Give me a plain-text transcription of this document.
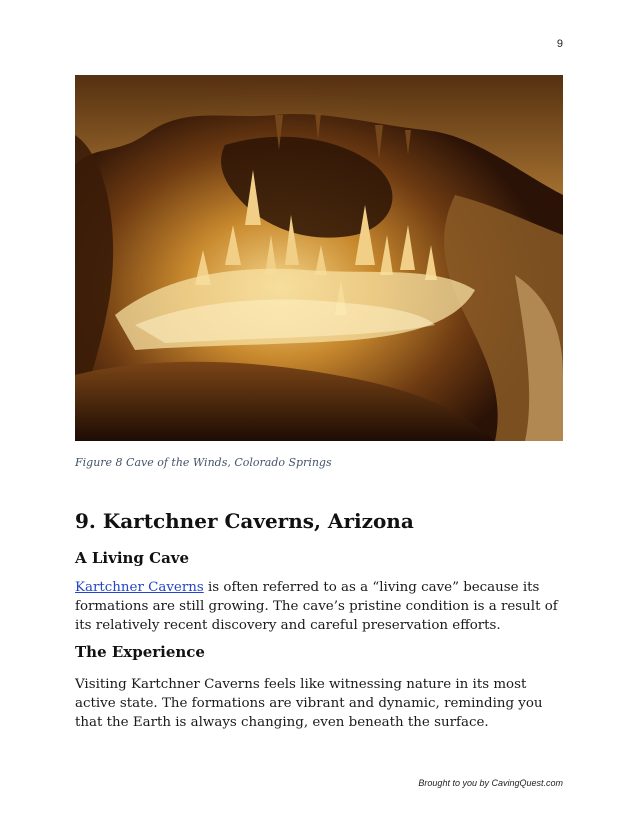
9
Figure 8 Cave of the Winds, Colorado Springs
9. Kartchner Caverns, Arizona
A Living Cave

Kartchner Caverns is often referred to as a “living cave” because its formations are still growing. The cave’s pristine condition is a result of its relatively recent discovery and careful preservation efforts.

The Experience

Visiting Kartchner Caverns feels like witnessing nature in its most active state. The formations are vibrant and dynamic, reminding you that the Earth is always changing, even beneath the surface.

Brought to you by CavingQuest.com
